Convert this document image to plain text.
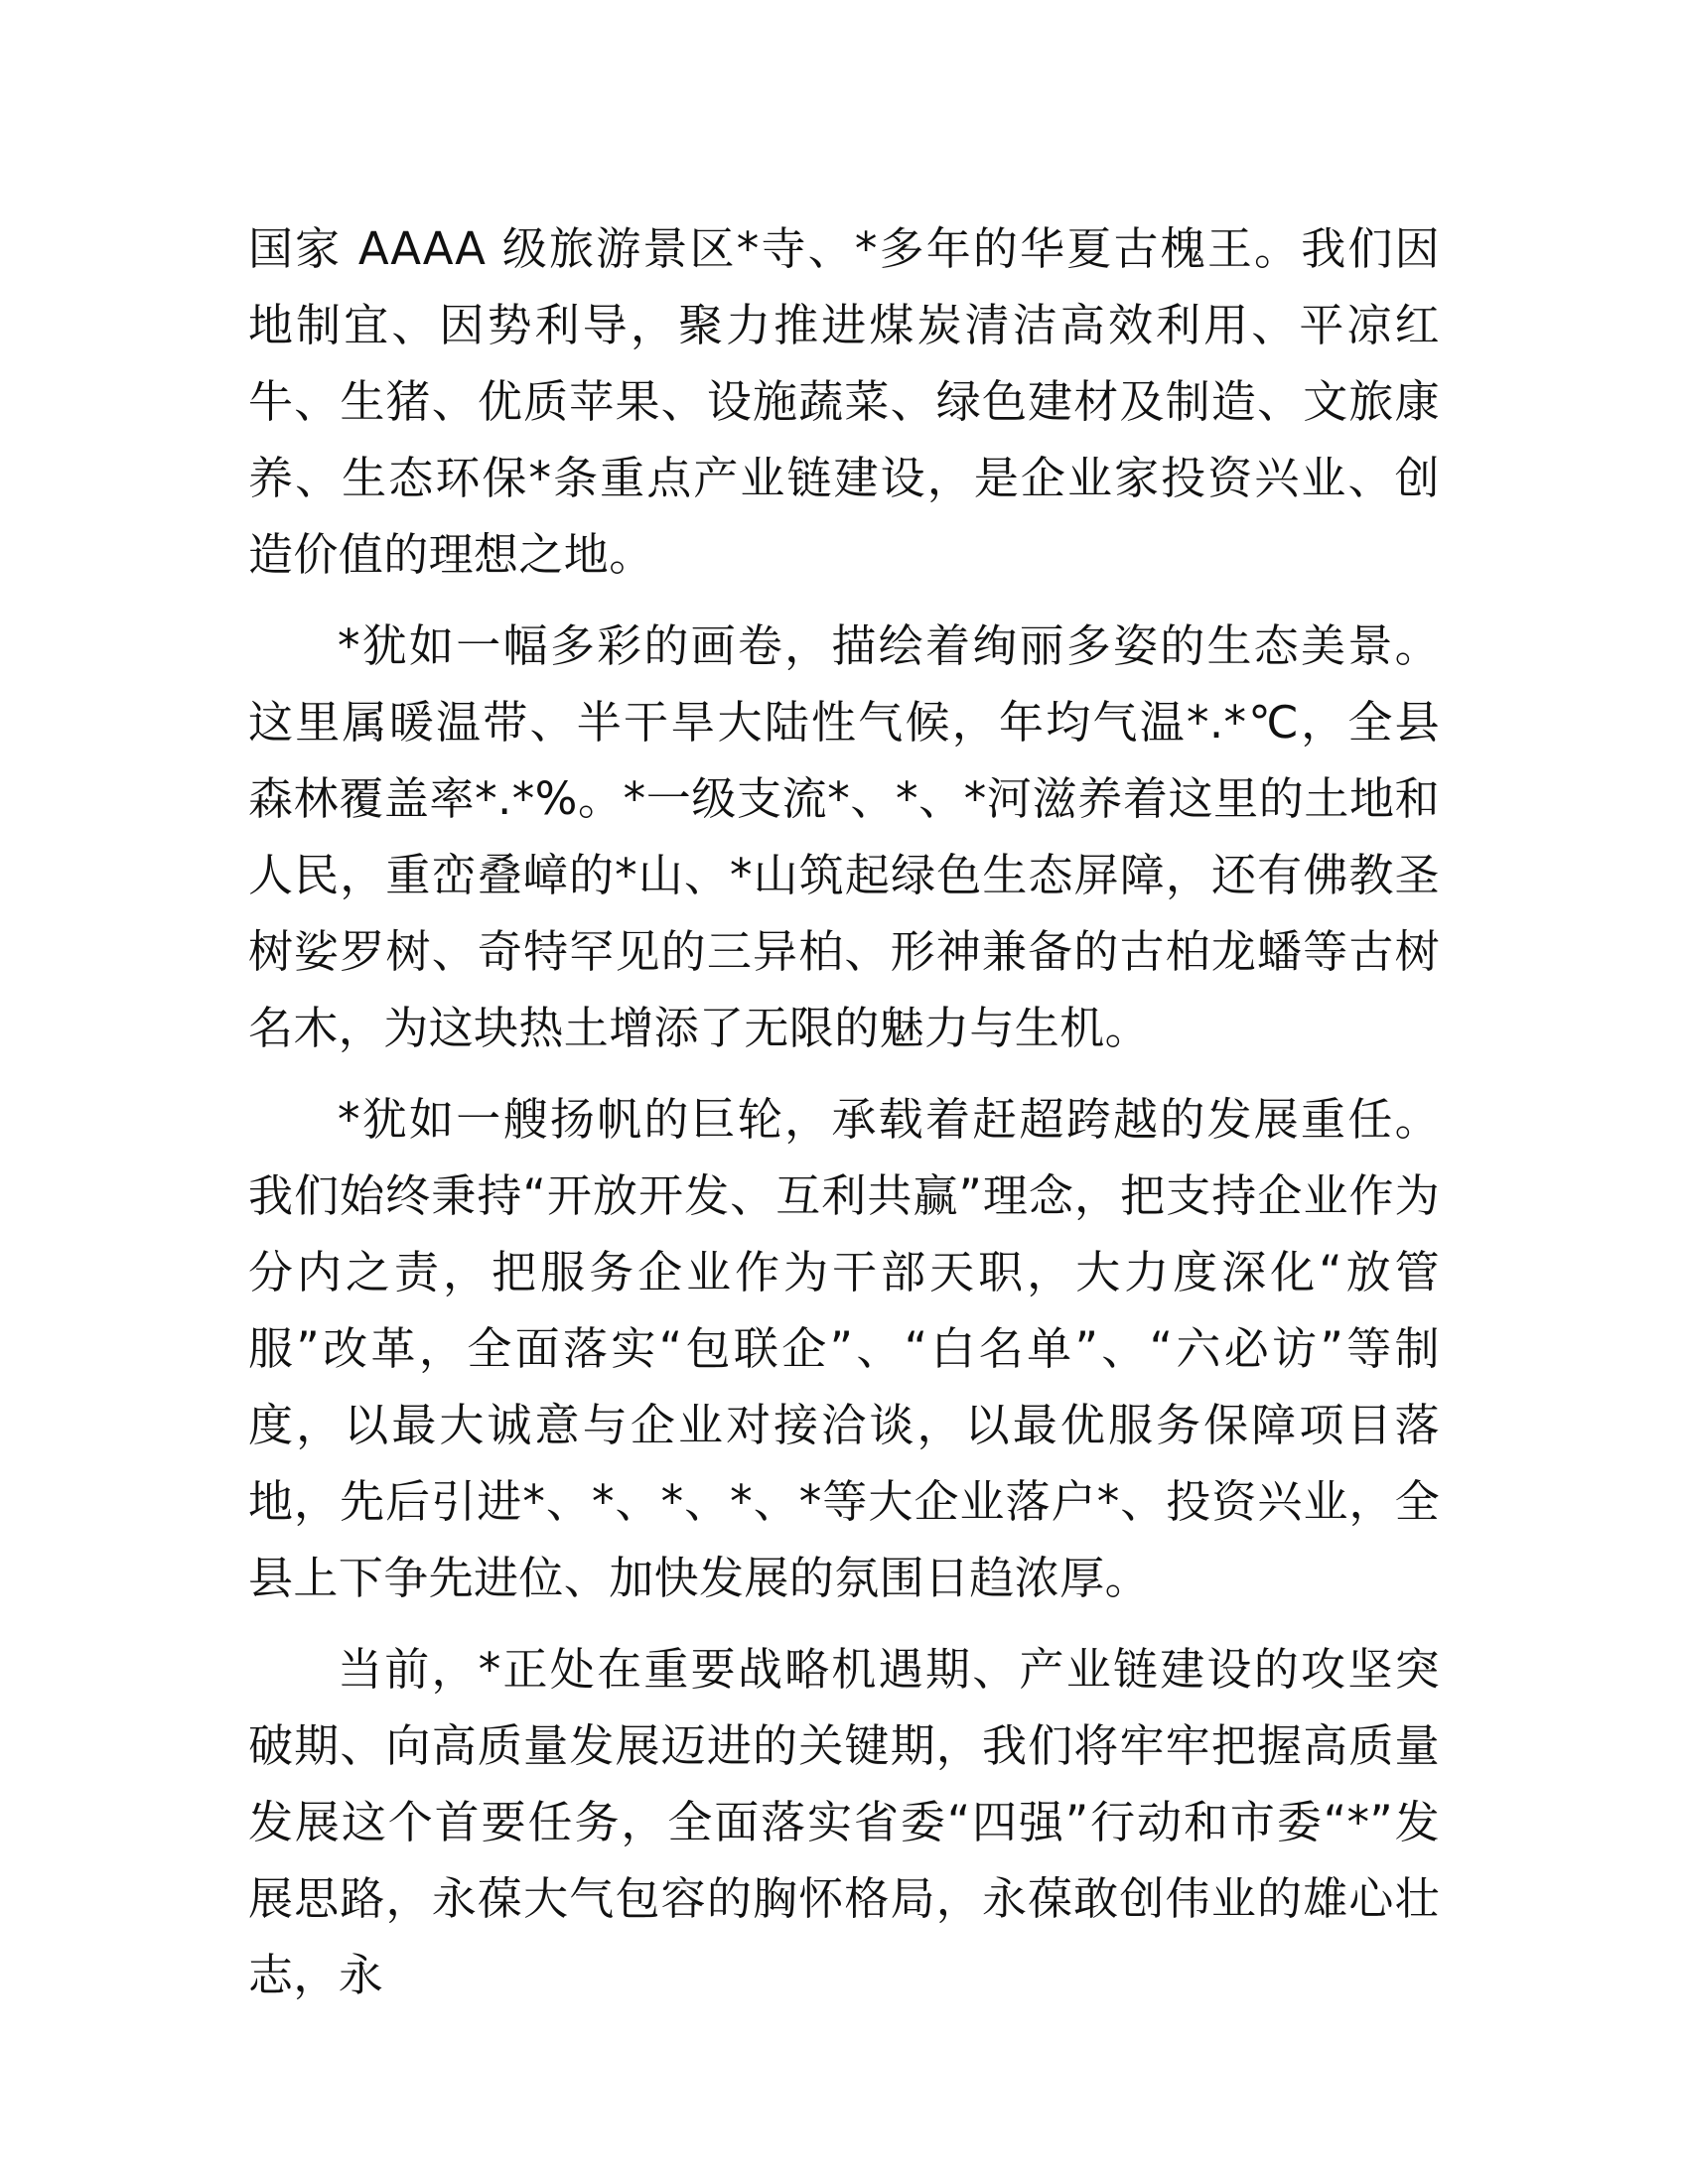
国家 AAAA 级旅游景区*寺、*多年的华夏古槐王。我们因地制宜、因势利导，聚力推进煤炭清洁高效利用、平凉红牛、生猪、优质苹果、设施蔬菜、绿色建材及制造、文旅康养、生态环保*条重点产业链建设，是企业家投资兴业、创造价值的理想之地。

*犹如一幅多彩的画卷，描绘着绚丽多姿的生态美景。这里属暖温带、半干旱大陆性气候，年均气温*.*℃，全县森林覆盖率*.*%。*一级支流*、*、*河滋养着这里的土地和人民，重峦叠嶂的*山、*山筑起绿色生态屏障，还有佛教圣树娑罗树、奇特罕见的三异柏、形神兼备的古柏龙蟠等古树名木，为这块热土增添了无限的魅力与生机。

*犹如一艘扬帆的巨轮，承载着赶超跨越的发展重任。我们始终秉持“开放开发、互利共赢”理念，把支持企业作为分内之责，把服务企业作为干部天职，大力度深化“放管服”改革，全面落实“包联企”、“白名单”、“六必访”等制度，以最大诚意与企业对接洽谈，以最优服务保障项目落地，先后引进*、*、*、*、*等大企业落户*、投资兴业，全县上下争先进位、加快发展的氛围日趋浓厚。

当前，*正处在重要战略机遇期、产业链建设的攻坚突破期、向高质量发展迈进的关键期，我们将牢牢把握高质量发展这个首要任务，全面落实省委“四强”行动和市委“*”发展思路，永葆大气包容的胸怀格局，永葆敢创伟业的雄心壮志，永
